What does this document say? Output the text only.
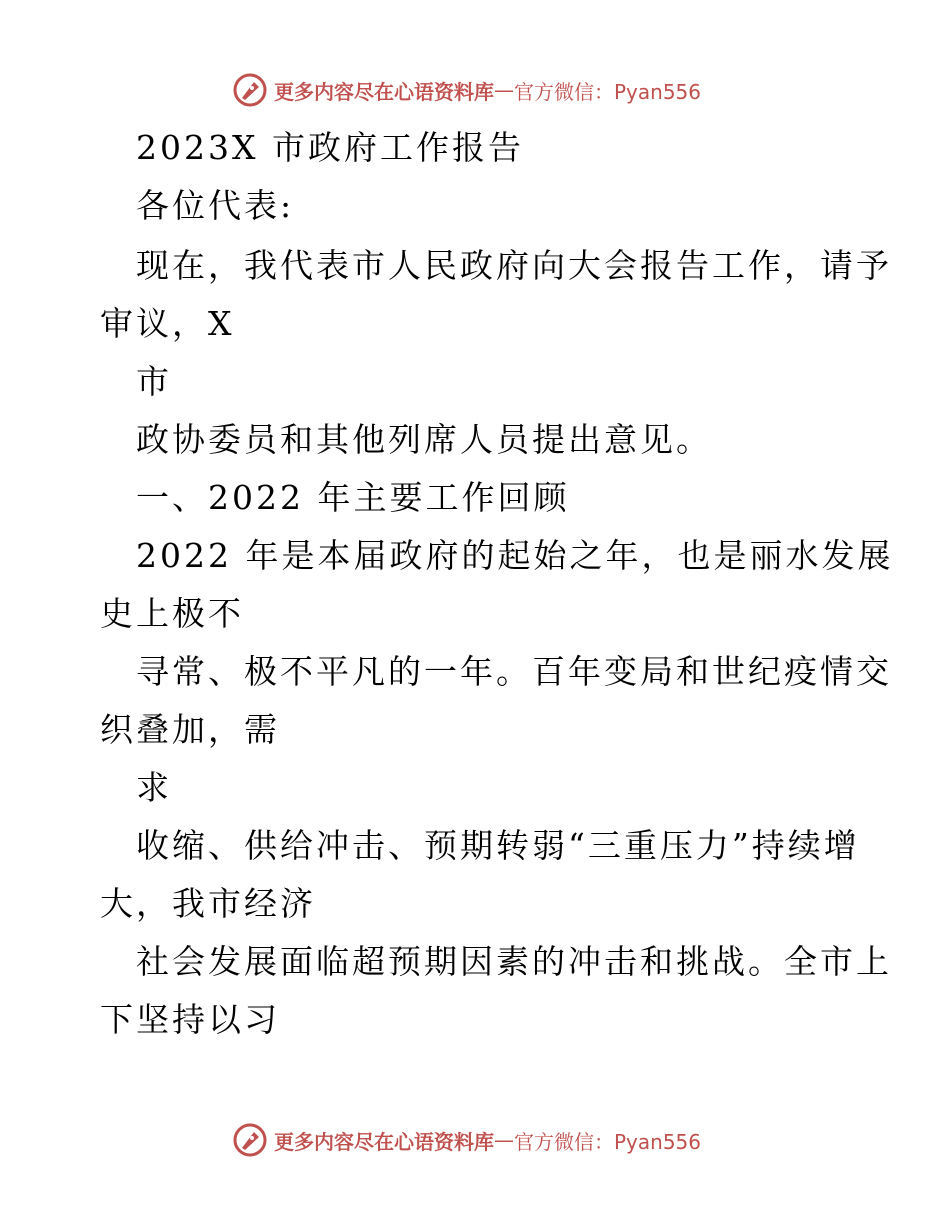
更多内容尽在心语资料库 — 官方微信：Pyan556
2023X 市政府工作报告
各位代表:
现在，我代表市人民政府向大会报告工作，请予
审议，X
市
政协委员和其他列席人员提出意见。
一、2022 年主要工作回顾
2022 年是本届政府的起始之年，也是丽水发展
史上极不
寻常、极不平凡的一年。百年变局和世纪疫情交
织叠加，需
求
收缩、供给冲击、预期转弱“三重压力”持续增
大，我市经济
社会发展面临超预期因素的冲击和挑战。全市上
下坚持以习
更多内容尽在心语资料库 — 官方微信：Pyan556
